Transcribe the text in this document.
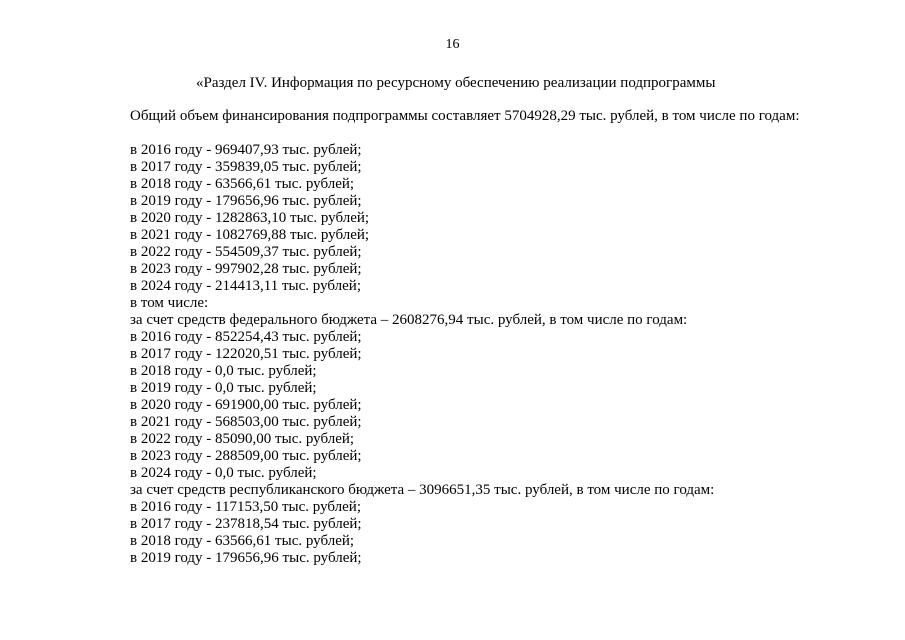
16
«Раздел IV. Информация по ресурсному обеспечению реализации подпрограммы

Общий объем финансирования подпрограммы составляет 5704928,29 тыс. рублей, в том числе по годам:

в 2016 году - 969407,93 тыс. рублей;
в 2017 году - 359839,05 тыс. рублей;
в 2018 году - 63566,61 тыс. рублей;
в 2019 году - 179656,96 тыс. рублей;
в 2020 году - 1282863,10 тыс. рублей;
в 2021 году - 1082769,88 тыс. рублей;
в 2022 году - 554509,37 тыс. рублей;
в 2023 году - 997902,28 тыс. рублей;
в 2024 году - 214413,11 тыс. рублей;
в том числе:
за счет средств федерального бюджета – 2608276,94 тыс. рублей, в том числе по годам:
в 2016 году - 852254,43 тыс. рублей;
в 2017 году - 122020,51 тыс. рублей;
в 2018 году - 0,0 тыс. рублей;
в 2019 году - 0,0 тыс. рублей;
в 2020 году - 691900,00 тыс. рублей;
в 2021 году - 568503,00 тыс. рублей;
в 2022 году - 85090,00 тыс. рублей;
в 2023 году - 288509,00 тыс. рублей;
в 2024 году - 0,0 тыс. рублей;
за счет средств республиканского бюджета – 3096651,35 тыс. рублей, в том числе по годам:
в 2016 году - 117153,50 тыс. рублей;
в 2017 году - 237818,54 тыс. рублей;
в 2018 году - 63566,61 тыс. рублей;
в 2019 году - 179656,96 тыс. рублей;
